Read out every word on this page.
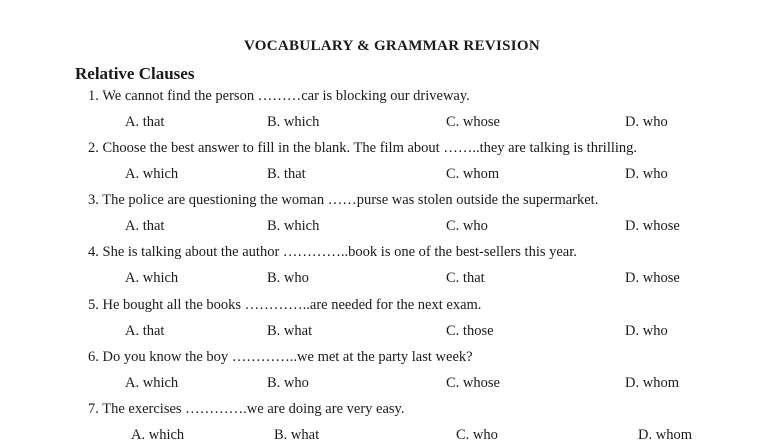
VOCABULARY & GRAMMAR REVISION
Relative Clauses
1. We cannot find the person ………car is blocking our driveway.
A. that	B. which	C. whose	D. who
2. Choose the best answer to fill in the blank. The film about ……..they are talking is thrilling.
A. which	B. that	C. whom	D. who
3. The police are questioning the woman ……purse was stolen outside the supermarket.
A. that	B. which	C. who	D. whose
4. She is talking about the author …………..book is one of the best-sellers this year.
A. which	B. who	C. that	D. whose
5. He bought all the books …………..are needed for the next exam.
A. that	B. what	C. those	D. who
6. Do you know the boy …………..we met at the party last week?
A. which	B. who	C. whose	D. whom
7. The exercises ………….we are doing are very easy.
A. which	B. what	C. who	D. whom
